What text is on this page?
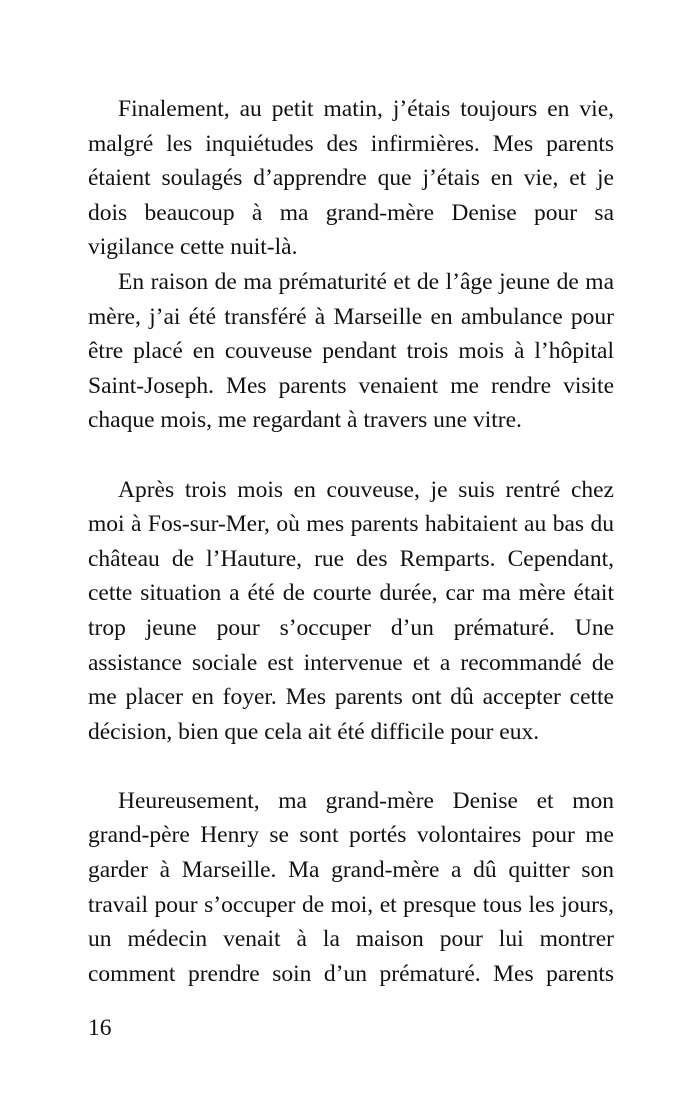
Finalement, au petit matin, j’étais toujours en vie, malgré les inquiétudes des infirmières. Mes parents étaient soulagés d’apprendre que j’étais en vie, et je dois beaucoup à ma grand-mère Denise pour sa vigilance cette nuit-là.

En raison de ma prématurité et de l’âge jeune de ma mère, j’ai été transféré à Marseille en ambulance pour être placé en couveuse pendant trois mois à l’hôpital Saint-Joseph. Mes parents venaient me rendre visite chaque mois, me regardant à travers une vitre.

Après trois mois en couveuse, je suis rentré chez moi à Fos-sur-Mer, où mes parents habitaient au bas du château de l’Hauture, rue des Remparts. Cependant, cette situation a été de courte durée, car ma mère était trop jeune pour s’occuper d’un prématuré. Une assistance sociale est intervenue et a recommandé de me placer en foyer. Mes parents ont dû accepter cette décision, bien que cela ait été difficile pour eux.

Heureusement, ma grand-mère Denise et mon grand-père Henry se sont portés volontaires pour me garder à Marseille. Ma grand-mère a dû quitter son travail pour s’occuper de moi, et presque tous les jours, un médecin venait à la maison pour lui montrer comment prendre soin d’un prématuré. Mes parents

16
